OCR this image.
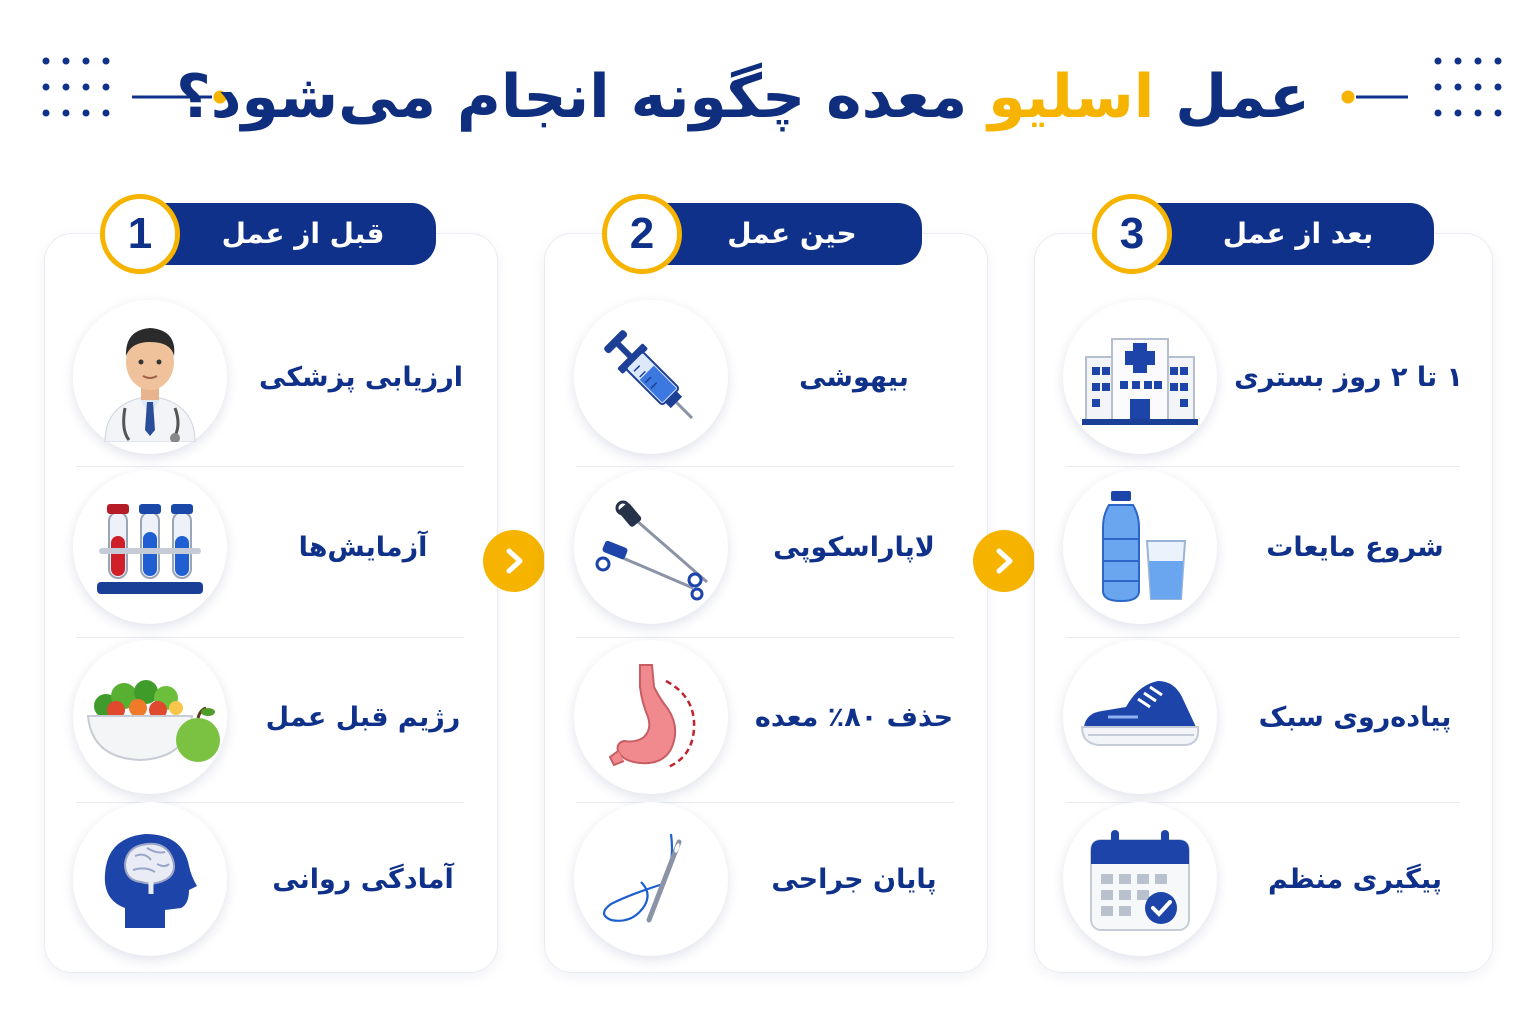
عمل اسلیو معده چگونه انجام می‌شود؟
قبل از عمل
1
ارزیابی پزشکی
آزمایش‌ها
رژیم قبل عمل
آمادگی روانی
حین عمل
2
بیهوشی
لاپاراسکوپی
حذف ۸۰٪ معده
پایان جراحی
بعد از عمل
3
۱ تا ۲ روز بستری
شروع مایعات
پیاده‌روی سبک
پیگیری منظم
